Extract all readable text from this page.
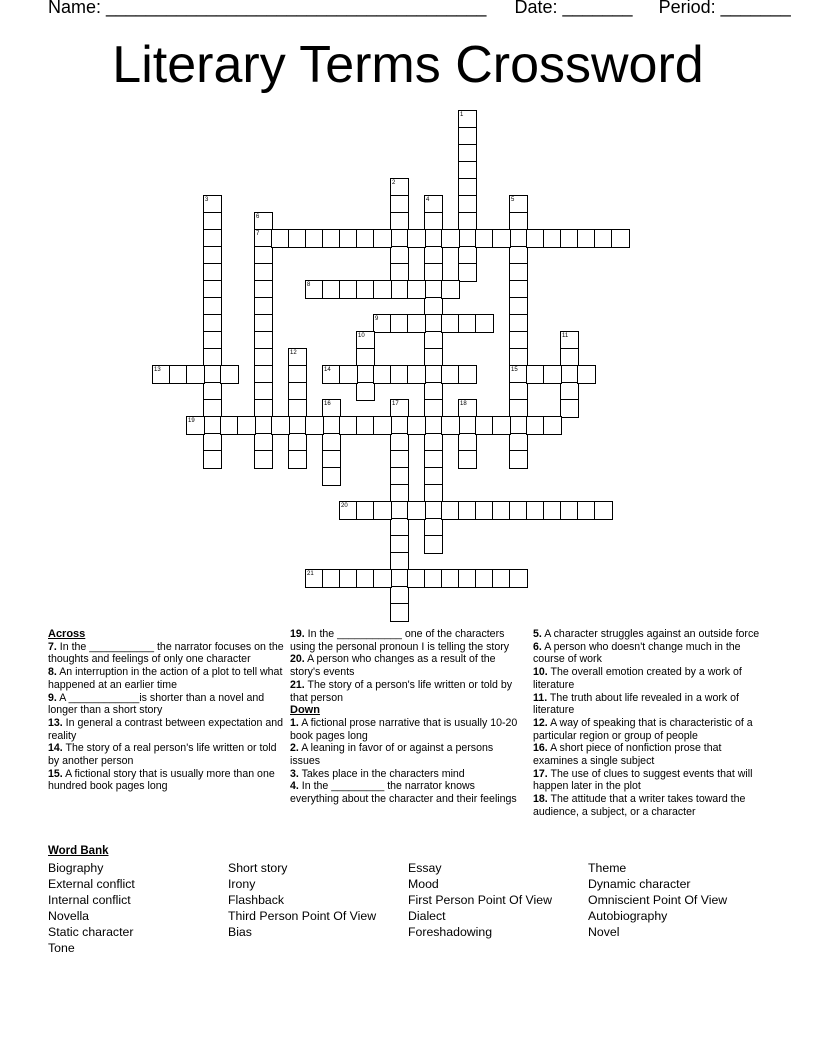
Name: ______________________________________ Date: _______ Period: _______
Literary Terms Crossword
1
2
3	4	5
15
6
7
8
9
10	11
12
13	14
16	17	18
19
20
21
Across
7. In the ___________ the narrator focuses on the thoughts and feelings of only one character
8. An interruption in the action of a plot to tell what happened at an earlier time
9. A ____________is shorter than a novel and longer than a short story
13. In general a contrast between expectation and reality
14. The story of a real person's life written or told by another person
15. A fictional story that is usually more than one hundred book pages long
19. In the ___________ one of the characters using the personal pronoun I is telling the story
20. A person who changes as a result of the story's events
21. The story of a person's life written or told by that person
Down
1. A fictional prose narrative that is usually 10-20 book pages long
2. A leaning in favor of or against a persons issues
3. Takes place in the characters mind
4. In the _________ the narrator knows everything about the character and their feelings
5. A character struggles against an outside force
6. A person who doesn't change much in the course of work
10. The overall emotion created by a work of literature
11. The truth about life revealed in a work of literature
12. A way of speaking that is characteristic of a particular region or group of people
16. A short piece of nonfiction prose that examines a single subject
17. The use of clues to suggest events that will happen later in the plot
18. The attitude that a writer takes toward the audience, a subject, or a character
Word Bank
Biography
External conflict
Internal conflict
Novella
Static character
Tone
Short story
Irony
Flashback
Third Person Point Of View
Bias
Essay
Mood
First Person Point Of View
Dialect
Foreshadowing
Theme
Dynamic character
Omniscient Point Of View
Autobiography
Novel
